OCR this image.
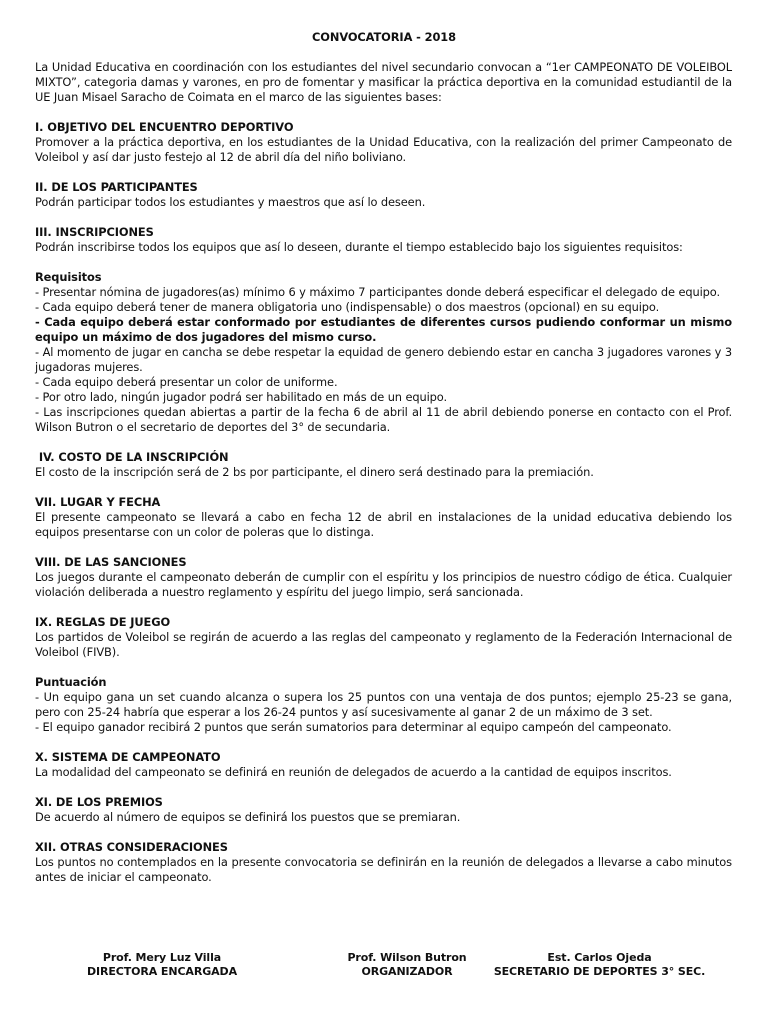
CONVOCATORIA - 2018

La Unidad Educativa en coordinación con los estudiantes del nivel secundario convocan a “1er CAMPEONATO DE VOLEIBOL MIXTO”, categoria damas y varones, en pro de fomentar y masificar la práctica deportiva en la comunidad estudiantil de la UE Juan Misael Saracho de Coimata en el marco de las siguientes bases:

I. OBJETIVO DEL ENCUENTRO DEPORTIVO

Promover a la práctica deportiva, en los estudiantes de la Unidad Educativa, con la realización del primer Campeonato de Voleibol y así dar justo festejo al 12 de abril día del niño boliviano.

II. DE LOS PARTICIPANTES

Podrán participar todos los estudiantes y maestros que así lo deseen.

III. INSCRIPCIONES

Podrán inscribirse todos los equipos que así lo deseen, durante el tiempo establecido bajo los siguientes requisitos:

Requisitos

- Presentar nómina de jugadores(as) mínimo 6 y máximo 7 participantes donde deberá especificar el delegado de equipo.

- Cada equipo deberá tener de manera obligatoria uno (indispensable) o dos maestros (opcional) en su equipo.

- Cada equipo deberá estar conformado por estudiantes de diferentes cursos pudiendo conformar un mismo equipo un máximo de dos jugadores del mismo curso.

- Al momento de jugar en cancha se debe respetar la equidad de genero debiendo estar en cancha 3 jugadores varones y 3 jugadoras mujeres.

- Cada equipo deberá presentar un color de uniforme.

- Por otro lado, ningún jugador podrá ser habilitado en más de un equipo.

- Las inscripciones quedan abiertas a partir de la fecha 6 de abril al 11 de abril debiendo ponerse en contacto con el Prof. Wilson Butron o el secretario de deportes del 3° de secundaria.

IV. COSTO DE LA INSCRIPCIÓN

El costo de la inscripción será de 2 bs por participante, el dinero será destinado para la premiación.

VII. LUGAR Y FECHA

El presente campeonato se llevará a cabo en fecha 12 de abril en instalaciones de la unidad educativa debiendo los equipos presentarse con un color de poleras que lo distinga.

VIII. DE LAS SANCIONES

Los juegos durante el campeonato deberán de cumplir con el espíritu y los principios de nuestro código de ética. Cualquier violación deliberada a nuestro reglamento y espíritu del juego limpio, será sancionada.

IX. REGLAS DE JUEGO

Los partidos de Voleibol se regirán de acuerdo a las reglas del campeonato y reglamento de la Federación Internacional de Voleibol (FIVB).

Puntuación

- Un equipo gana un set cuando alcanza o supera los 25 puntos con una ventaja de dos puntos; ejemplo 25-23 se gana, pero con 25-24 habría que esperar a los 26-24 puntos y así sucesivamente al ganar 2 de un máximo de 3 set.

- El equipo ganador recibirá 2 puntos que serán sumatorios para determinar al equipo campeón del campeonato.

X. SISTEMA DE CAMPEONATO

La modalidad del campeonato se definirá en reunión de delegados de acuerdo a la cantidad de equipos inscritos.

XI. DE LOS PREMIOS

De acuerdo al número de equipos se definirá los puestos que se premiaran.

XII. OTRAS CONSIDERACIONES

Los puntos no contemplados en la presente convocatoria se definirán en la reunión de delegados a llevarse a cabo minutos antes de iniciar el campeonato.

Prof. Mery Luz Villa
DIRECTORA ENCARGADA
Prof. Wilson Butron
ORGANIZADOR
Est. Carlos Ojeda
SECRETARIO DE DEPORTES 3° SEC.
